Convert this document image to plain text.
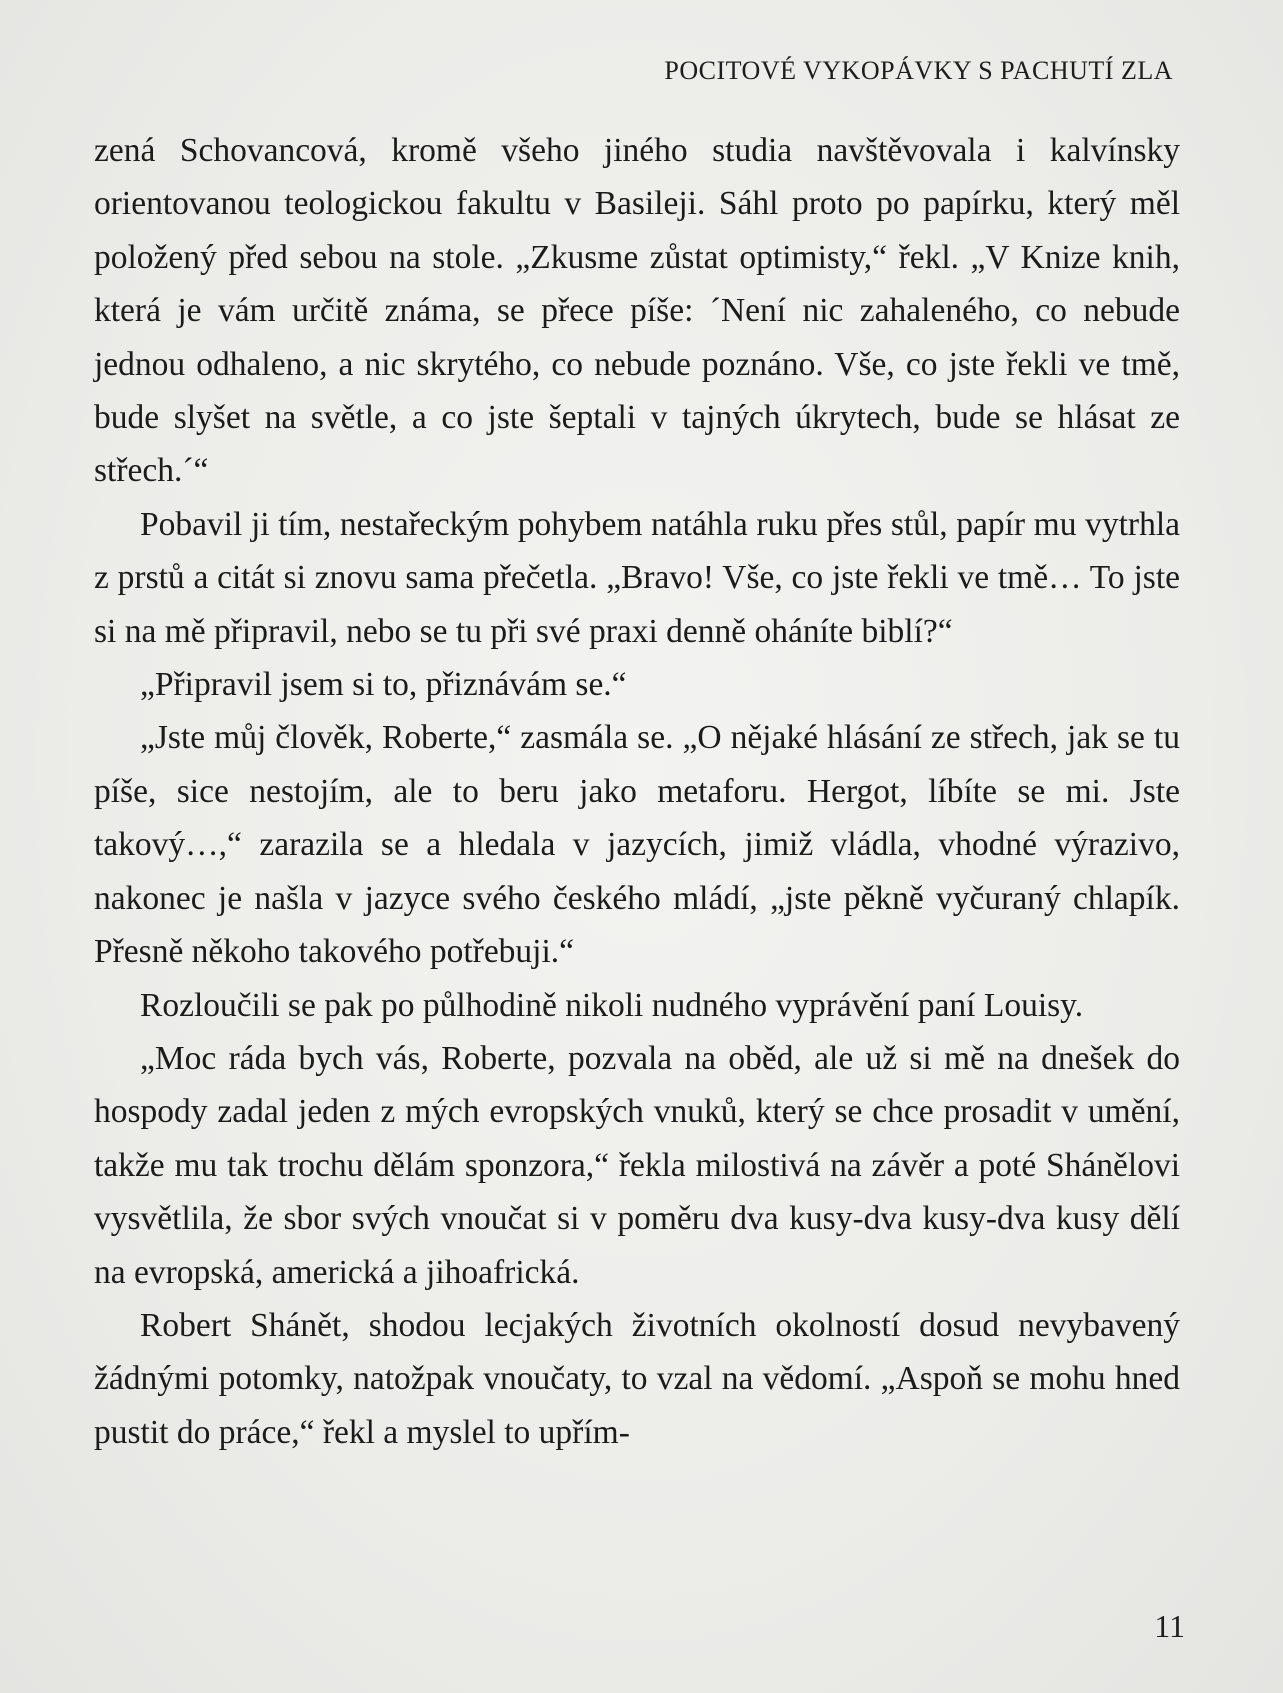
POCITOVÉ VYKOPÁVKY S PACHUTÍ ZLA

zená Schovancová, kromě všeho jiného studia navštěvovala i kalvínsky orientovanou teologickou fakultu v Basileji. Sáhl proto po papírku, který měl položený před sebou na stole. „Zkusme zůstat optimisty,“ řekl. „V Knize knih, která je vám určitě známa, se přece píše: ´Není nic zahaleného, co nebude jednou odhaleno, a nic skrytého, co nebude poznáno. Vše, co jste řekli ve tmě, bude slyšet na světle, a co jste šeptali v tajných úkrytech, bude se hlásat ze střech.´“

Pobavil ji tím, nestařeckým pohybem natáhla ruku přes stůl, papír mu vytrhla z prstů a citát si znovu sama přečetla. „Bravo! Vše, co jste řekli ve tmě… To jste si na mě připravil, nebo se tu při své praxi denně oháníte biblí?“

„Připravil jsem si to, přiznávám se.“

„Jste můj člověk, Roberte,“ zasmála se. „O nějaké hlásání ze střech, jak se tu píše, sice nestojím, ale to beru jako metaforu. Hergot, líbíte se mi. Jste takový…,“ zarazila se a hledala v jazycích, jimiž vládla, vhodné výrazivo, nakonec je našla v jazyce svého českého mládí, „jste pěkně vyčuraný chlapík. Přesně někoho takového potřebuji.“

Rozloučili se pak po půlhodině nikoli nudného vyprávění paní Louisy.

„Moc ráda bych vás, Roberte, pozvala na oběd, ale už si mě na dnešek do hospody zadal jeden z mých evropských vnuků, který se chce prosadit v umění, takže mu tak trochu dělám sponzora,“ řekla milostivá na závěr a poté Shánělovi vysvětlila, že sbor svých vnoučat si v poměru dva kusy-dva kusy-dva kusy dělí na evropská, americká a jihoafrická.

Robert Shánět, shodou lecjakých životních okolností dosud nevybavený žádnými potomky, natožpak vnoučaty, to vzal na vědomí. „Aspoň se mohu hned pustit do práce,“ řekl a myslel to upřím-

11
